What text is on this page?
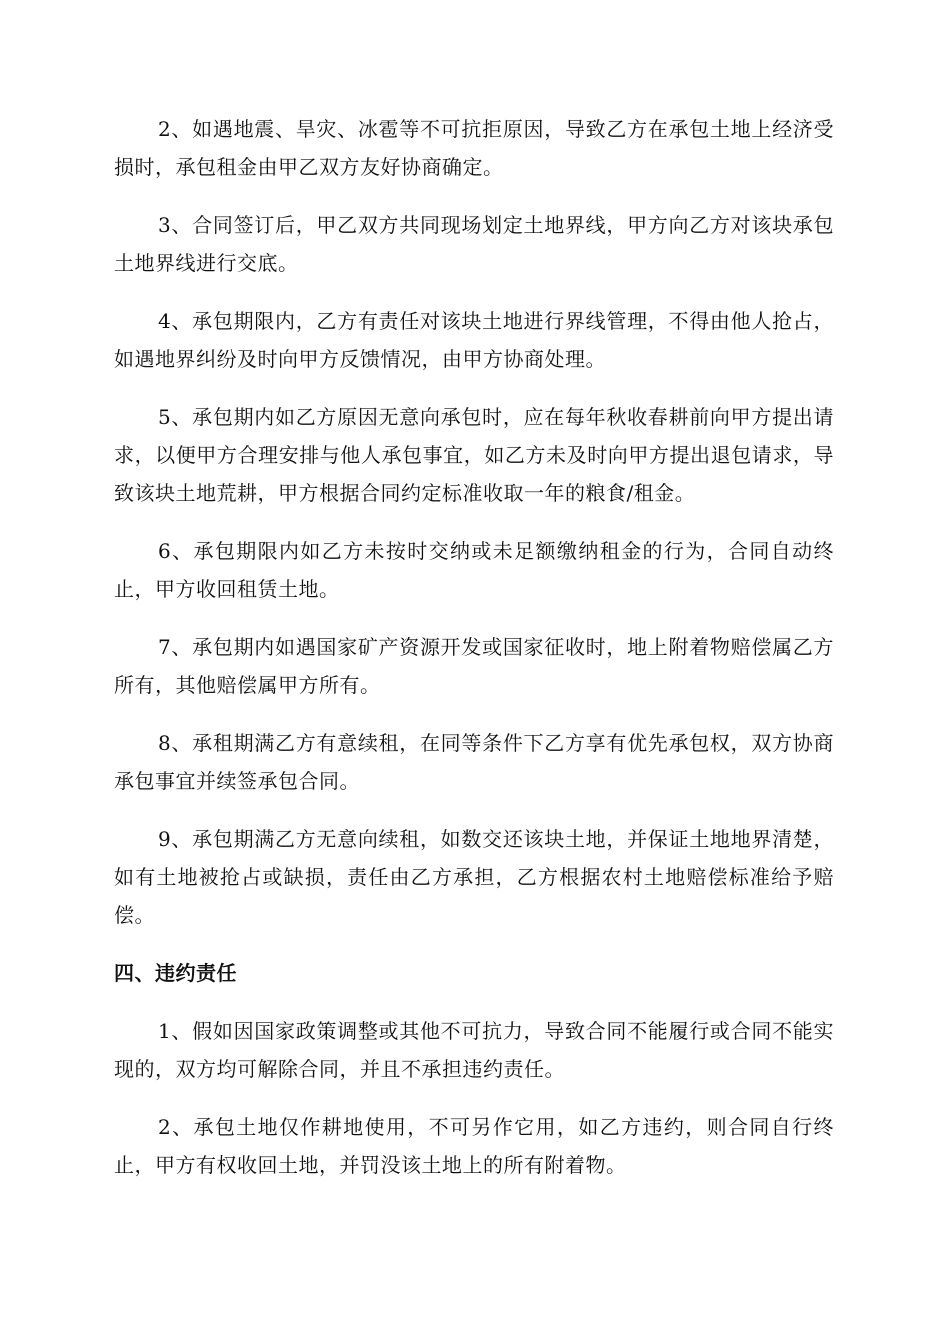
2、如遇地震、旱灾、冰雹等不可抗拒原因，导致乙方在承包土地上经济受损时，承包租金由甲乙双方友好协商确定。

3、合同签订后，甲乙双方共同现场划定土地界线，甲方向乙方对该块承包土地界线进行交底。

4、承包期限内，乙方有责任对该块土地进行界线管理，不得由他人抢占，如遇地界纠纷及时向甲方反馈情况，由甲方协商处理。

5、承包期内如乙方原因无意向承包时，应在每年秋收春耕前向甲方提出请求，以便甲方合理安排与他人承包事宜，如乙方未及时向甲方提出退包请求，导致该块土地荒耕，甲方根据合同约定标准收取一年的粮食/租金。

6、承包期限内如乙方未按时交纳或未足额缴纳租金的行为，合同自动终止，甲方收回租赁土地。

7、承包期内如遇国家矿产资源开发或国家征收时，地上附着物赔偿属乙方所有，其他赔偿属甲方所有。

8、承租期满乙方有意续租，在同等条件下乙方享有优先承包权，双方协商承包事宜并续签承包合同。

9、承包期满乙方无意向续租，如数交还该块土地，并保证土地地界清楚，如有土地被抢占或缺损，责任由乙方承担，乙方根据农村土地赔偿标准给予赔偿。

四、违约责任

1、假如因国家政策调整或其他不可抗力，导致合同不能履行或合同不能实现的，双方均可解除合同，并且不承担违约责任。

2、承包土地仅作耕地使用，不可另作它用，如乙方违约，则合同自行终止，甲方有权收回土地，并罚没该土地上的所有附着物。
